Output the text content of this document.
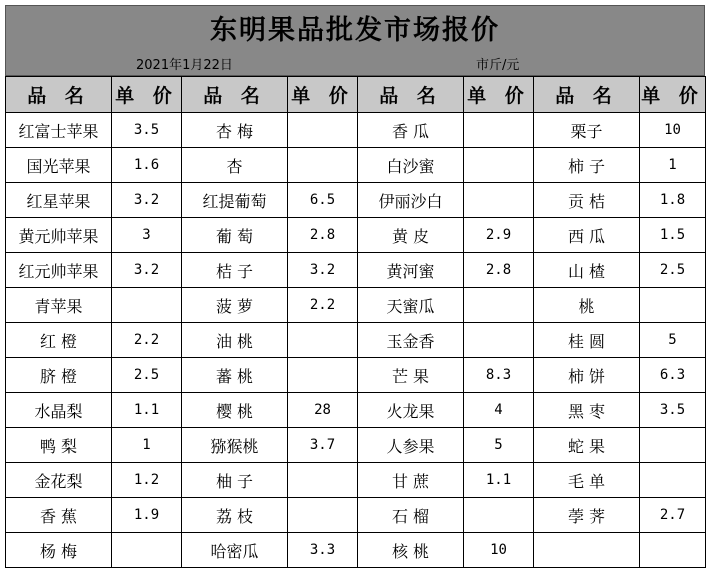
东明果品批发市场报价
2021年1月22日	市斤/元
品 名	单 价	品 名	单 价	品 名	单 价	品 名	单 价
红富士苹果	3.5	杏 梅		香 瓜		栗子	10
国光苹果	1.6	杏		白沙蜜		柿 子	1
红星苹果	3.2	红提葡萄	6.5	伊丽沙白		贡 桔	1.8
黄元帅苹果	3	葡 萄	2.8	黄 皮	2.9	西 瓜	1.5
红元帅苹果	3.2	桔 子	3.2	黄河蜜	2.8	山 楂	2.5
青苹果		菠 萝	2.2	天蜜瓜		桃	
红 橙	2.2	油 桃		玉金香		桂 圆	5
脐 橙	2.5	蕃 桃		芒 果	8.3	柿 饼	6.3
水晶梨	1.1	樱 桃	28	火龙果	4	黑 枣	3.5
鸭 梨	1	猕猴桃	3.7	人参果	5	蛇 果	
金花梨	1.2	柚 子		甘 蔗	1.1	毛 单	
香 蕉	1.9	荔 枝		石 榴		荸 荠	2.7
杨 梅		哈密瓜	3.3	核 桃	10		
